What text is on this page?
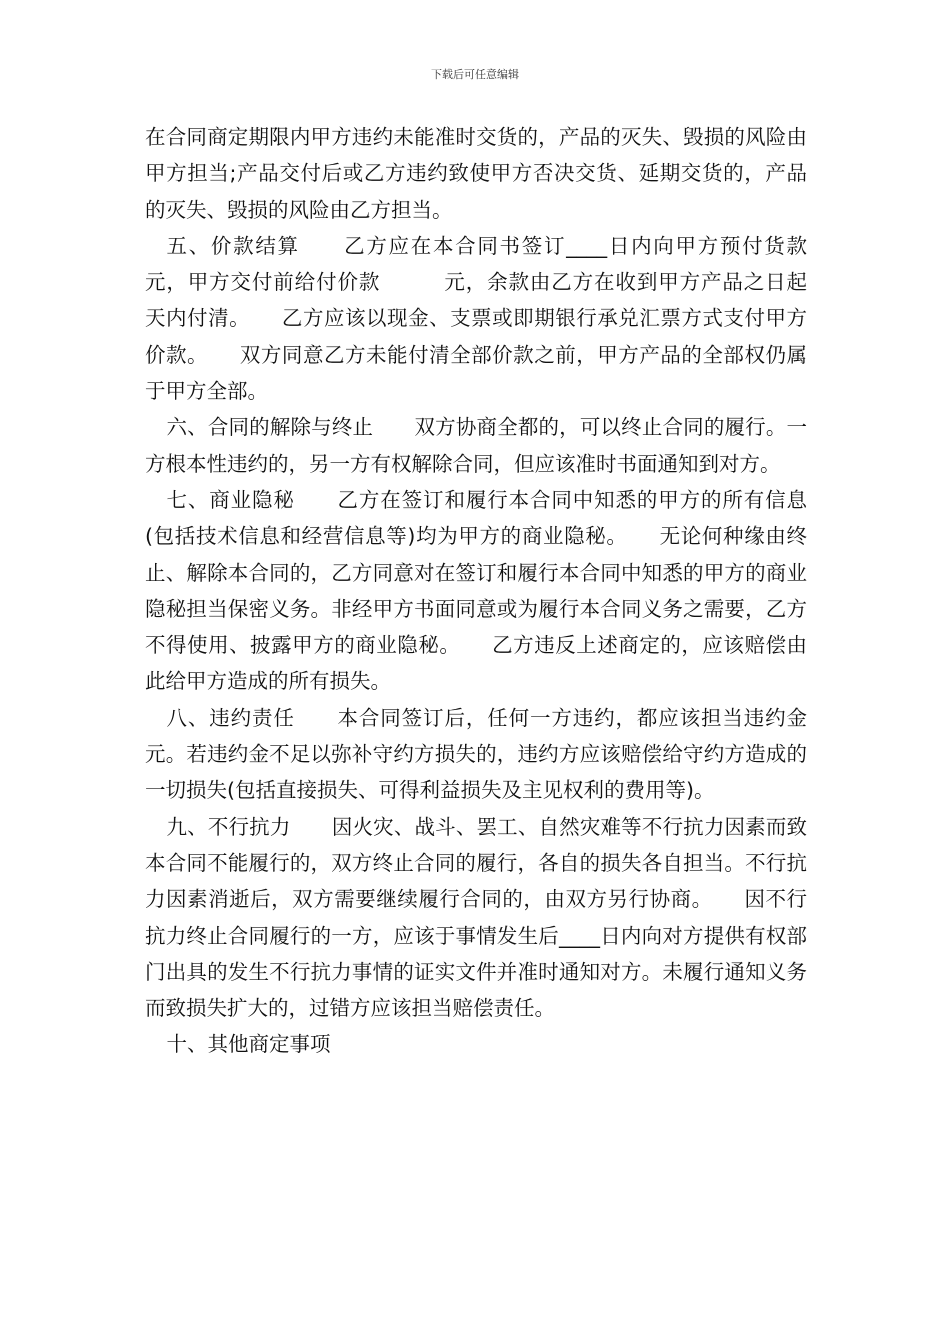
下载后可任意编辑

在合同商定期限内甲方违约未能准时交货的，产品的灭失、毁损的风险由甲方担当;产品交付后或乙方违约致使甲方否决交货、延期交货的，产品的灭失、毁损的风险由乙方担当。

五、价款结算　　乙方应在本合同书签订____日内向甲方预付货款　　　　元，甲方交付前给付价款　　　元，余款由乙方在收到甲方产品之日起　　　天内付清。　　乙方应该以现金、支票或即期银行承兑汇票方式支付甲方价款。　　双方同意乙方未能付清全部价款之前，甲方产品的全部权仍属于甲方全部。

六、合同的解除与终止　　双方协商全都的，可以终止合同的履行。一方根本性违约的，另一方有权解除合同，但应该准时书面通知到对方。

七、商业隐秘　　乙方在签订和履行本合同中知悉的甲方的所有信息(包括技术信息和经营信息等)均为甲方的商业隐秘。　　无论何种缘由终止、解除本合同的，乙方同意对在签订和履行本合同中知悉的甲方的商业隐秘担当保密义务。非经甲方书面同意或为履行本合同义务之需要，乙方不得使用、披露甲方的商业隐秘。　　乙方违反上述商定的，应该赔偿由此给甲方造成的所有损失。

八、违约责任　　本合同签订后，任何一方违约，都应该担当违约金　　　　元。若违约金不足以弥补守约方损失的，违约方应该赔偿给守约方造成的一切损失(包括直接损失、可得利益损失及主见权利的费用等)。

九、不行抗力　　因火灾、战斗、罢工、自然灾难等不行抗力因素而致本合同不能履行的，双方终止合同的履行，各自的损失各自担当。不行抗力因素消逝后，双方需要继续履行合同的，由双方另行协商。　　因不行抗力终止合同履行的一方，应该于事情发生后____日内向对方提供有权部门出具的发生不行抗力事情的证实文件并准时通知对方。未履行通知义务而致损失扩大的，过错方应该担当赔偿责任。

十、其他商定事项
